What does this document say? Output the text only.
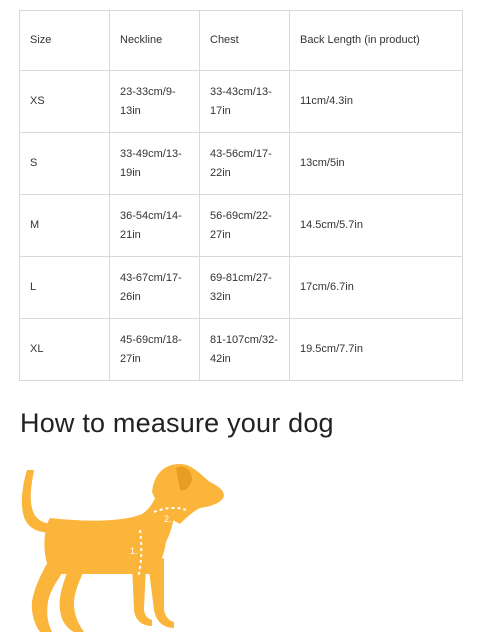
Size	Neckline	Chest	Back Length (in product)
XS	23-33cm/9-13in	33-43cm/13-17in	11cm/4.3in
S	33-49cm/13-19in	43-56cm/17-22in	13cm/5in
M	36-54cm/14-21in	56-69cm/22-27in	14.5cm/5.7in
L	43-67cm/17-26in	69-81cm/27-32in	17cm/6.7in
XL	45-69cm/18-27in	81-107cm/32-42in	19.5cm/7.7in
How to measure your dog
1.
2.
